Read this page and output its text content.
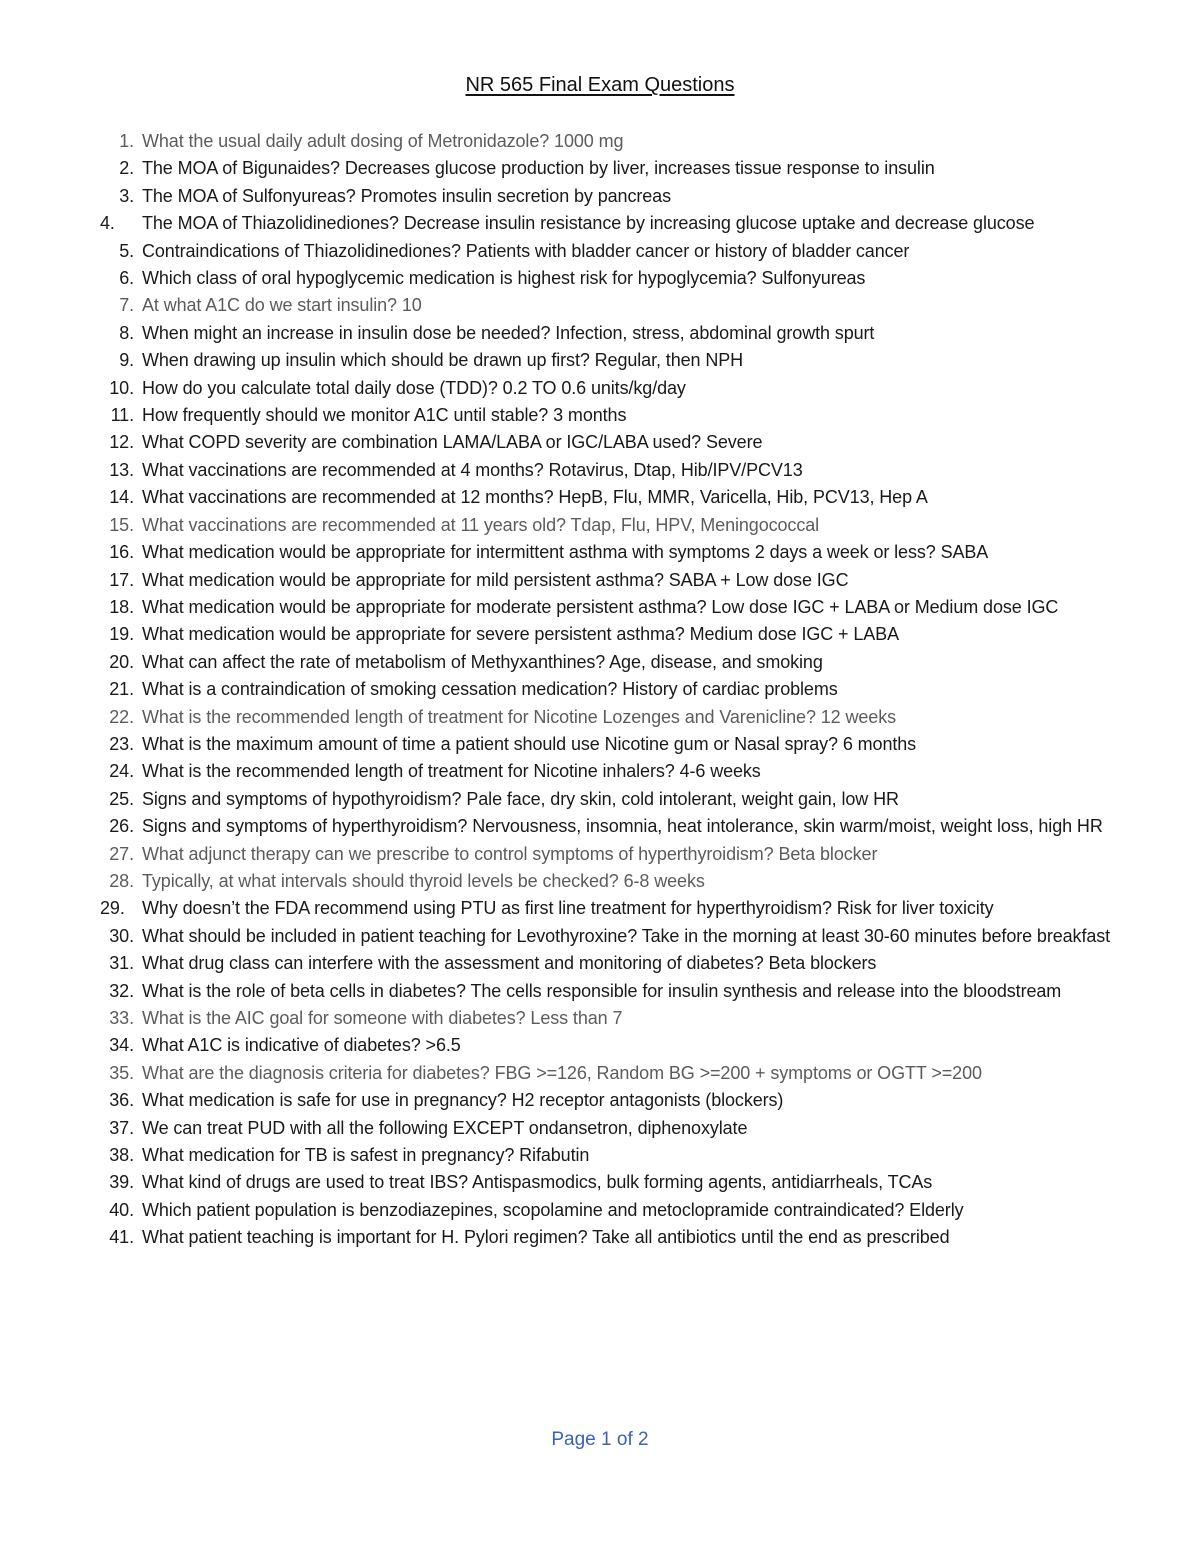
NR 565 Final Exam Questions
1. What the usual daily adult dosing of Metronidazole? 1000 mg
2. The MOA of Bigunaides? Decreases glucose production by liver, increases tissue response to insulin
3. The MOA of Sulfonyureas? Promotes insulin secretion by pancreas
4.	The MOA of Thiazolidinediones? Decrease insulin resistance by increasing glucose uptake and decrease glucose
5. Contraindications of Thiazolidinediones? Patients with bladder cancer or history of bladder cancer
6. Which class of oral hypoglycemic medication is highest risk for hypoglycemia? Sulfonyureas
7. At what A1C do we start insulin? 10
8. When might an increase in insulin dose be needed? Infection, stress, abdominal growth spurt
9. When drawing up insulin which should be drawn up first? Regular, then NPH
10. How do you calculate total daily dose (TDD)? 0.2 TO 0.6 units/kg/day
11. How frequently should we monitor A1C until stable? 3 months
12. What COPD severity are combination LAMA/LABA or IGC/LABA used? Severe
13. What vaccinations are recommended at 4 months? Rotavirus, Dtap, Hib/IPV/PCV13
14. What vaccinations are recommended at 12 months? HepB, Flu, MMR, Varicella, Hib, PCV13, Hep A
15. What vaccinations are recommended at 11 years old? Tdap, Flu, HPV, Meningococcal
16. What medication would be appropriate for intermittent asthma with symptoms 2 days a week or less? SABA
17. What medication would be appropriate for mild persistent asthma? SABA + Low dose IGC
18. What medication would be appropriate for moderate persistent asthma? Low dose IGC + LABA or Medium dose IGC
19. What medication would be appropriate for severe persistent asthma? Medium dose IGC + LABA
20. What can affect the rate of metabolism of Methyxanthines? Age, disease, and smoking
21. What is a contraindication of smoking cessation medication? History of cardiac problems
22. What is the recommended length of treatment for Nicotine Lozenges and Varenicline? 12 weeks
23. What is the maximum amount of time a patient should use Nicotine gum or Nasal spray? 6 months
24. What is the recommended length of treatment for Nicotine inhalers? 4-6 weeks
25. Signs and symptoms of hypothyroidism? Pale face, dry skin, cold intolerant, weight gain, low HR
26. Signs and symptoms of hyperthyroidism? Nervousness, insomnia, heat intolerance, skin warm/moist, weight loss, high HR
27. What adjunct therapy can we prescribe to control symptoms of hyperthyroidism? Beta blocker
28. Typically, at what intervals should thyroid levels be checked? 6-8 weeks
29. Why doesn’t the FDA recommend using PTU as first line treatment for hyperthyroidism? Risk for liver toxicity
30. What should be included in patient teaching for Levothyroxine? Take in the morning at least 30-60 minutes before breakfast
31. What drug class can interfere with the assessment and monitoring of diabetes? Beta blockers
32. What is the role of beta cells in diabetes? The cells responsible for insulin synthesis and release into the bloodstream
33. What is the AIC goal for someone with diabetes? Less than 7
34. What A1C is indicative of diabetes? >6.5
35. What are the diagnosis criteria for diabetes? FBG >=126, Random BG >=200 + symptoms or OGTT >=200
36. What medication is safe for use in pregnancy? H2 receptor antagonists (blockers)
37. We can treat PUD with all the following EXCEPT ondansetron, diphenoxylate
38. What medication for TB is safest in pregnancy? Rifabutin
39. What kind of drugs are used to treat IBS? Antispasmodics, bulk forming agents, antidiarrheals, TCAs
40. Which patient population is benzodiazepines, scopolamine and metoclopramide contraindicated? Elderly
41. What patient teaching is important for H. Pylori regimen? Take all antibiotics until the end as prescribed
Page 1 of 2
